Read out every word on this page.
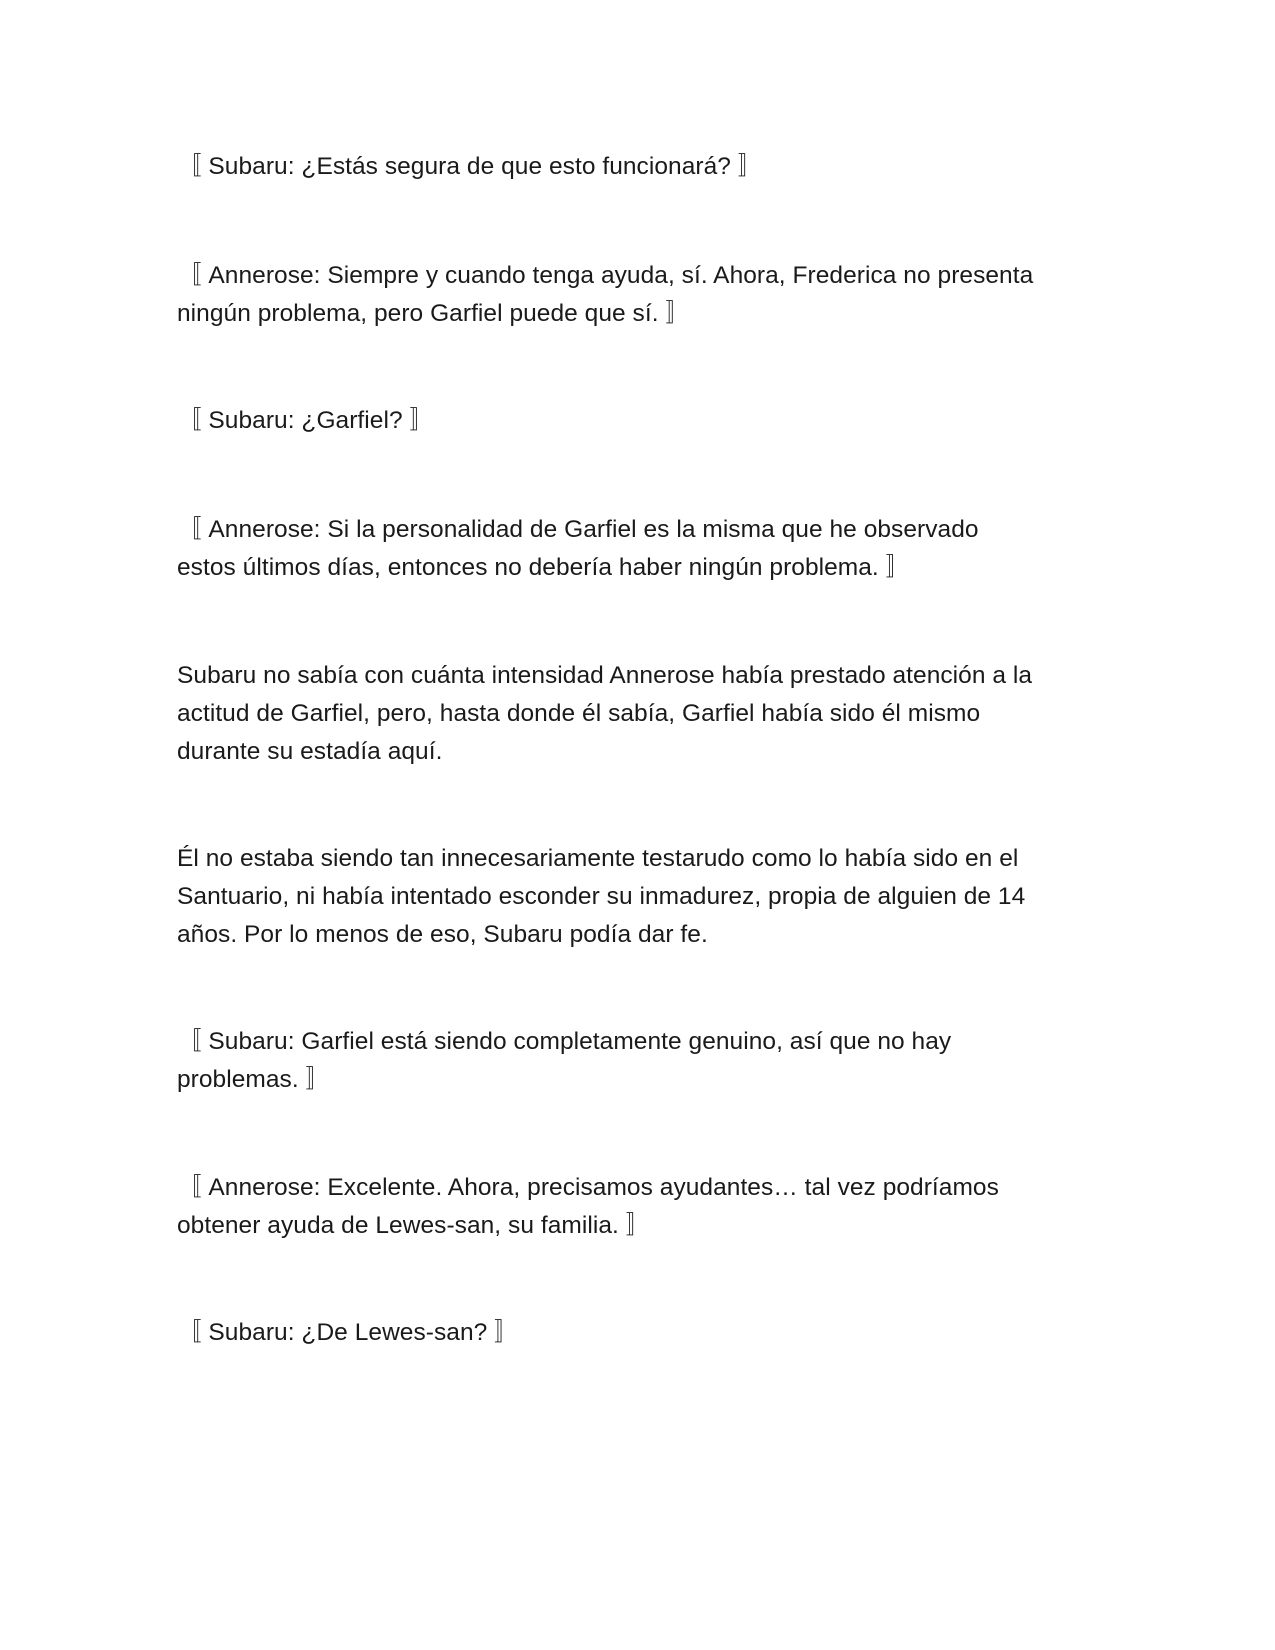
〚 Subaru: ¿Estás segura de que esto funcionará? 〛

〚 Annerose: Siempre y cuando tenga ayuda, sí. Ahora, Frederica no presenta
ningún problema, pero Garfiel puede que sí. 〛

〚 Subaru: ¿Garfiel? 〛

〚 Annerose: Si la personalidad de Garfiel es la misma que he observado
estos últimos días, entonces no debería haber ningún problema. 〛

Subaru no sabía con cuánta intensidad Annerose había prestado atención a la
actitud de Garfiel, pero, hasta donde él sabía, Garfiel había sido él mismo
durante su estadía aquí.

Él no estaba siendo tan innecesariamente testarudo como lo había sido en el
Santuario, ni había intentado esconder su inmadurez, propia de alguien de 14
años. Por lo menos de eso, Subaru podía dar fe.

〚 Subaru: Garfiel está siendo completamente genuino, así que no hay
problemas. 〛

〚 Annerose: Excelente. Ahora, precisamos ayudantes… tal vez podríamos
obtener ayuda de Lewes-san, su familia. 〛

〚 Subaru: ¿De Lewes-san? 〛
